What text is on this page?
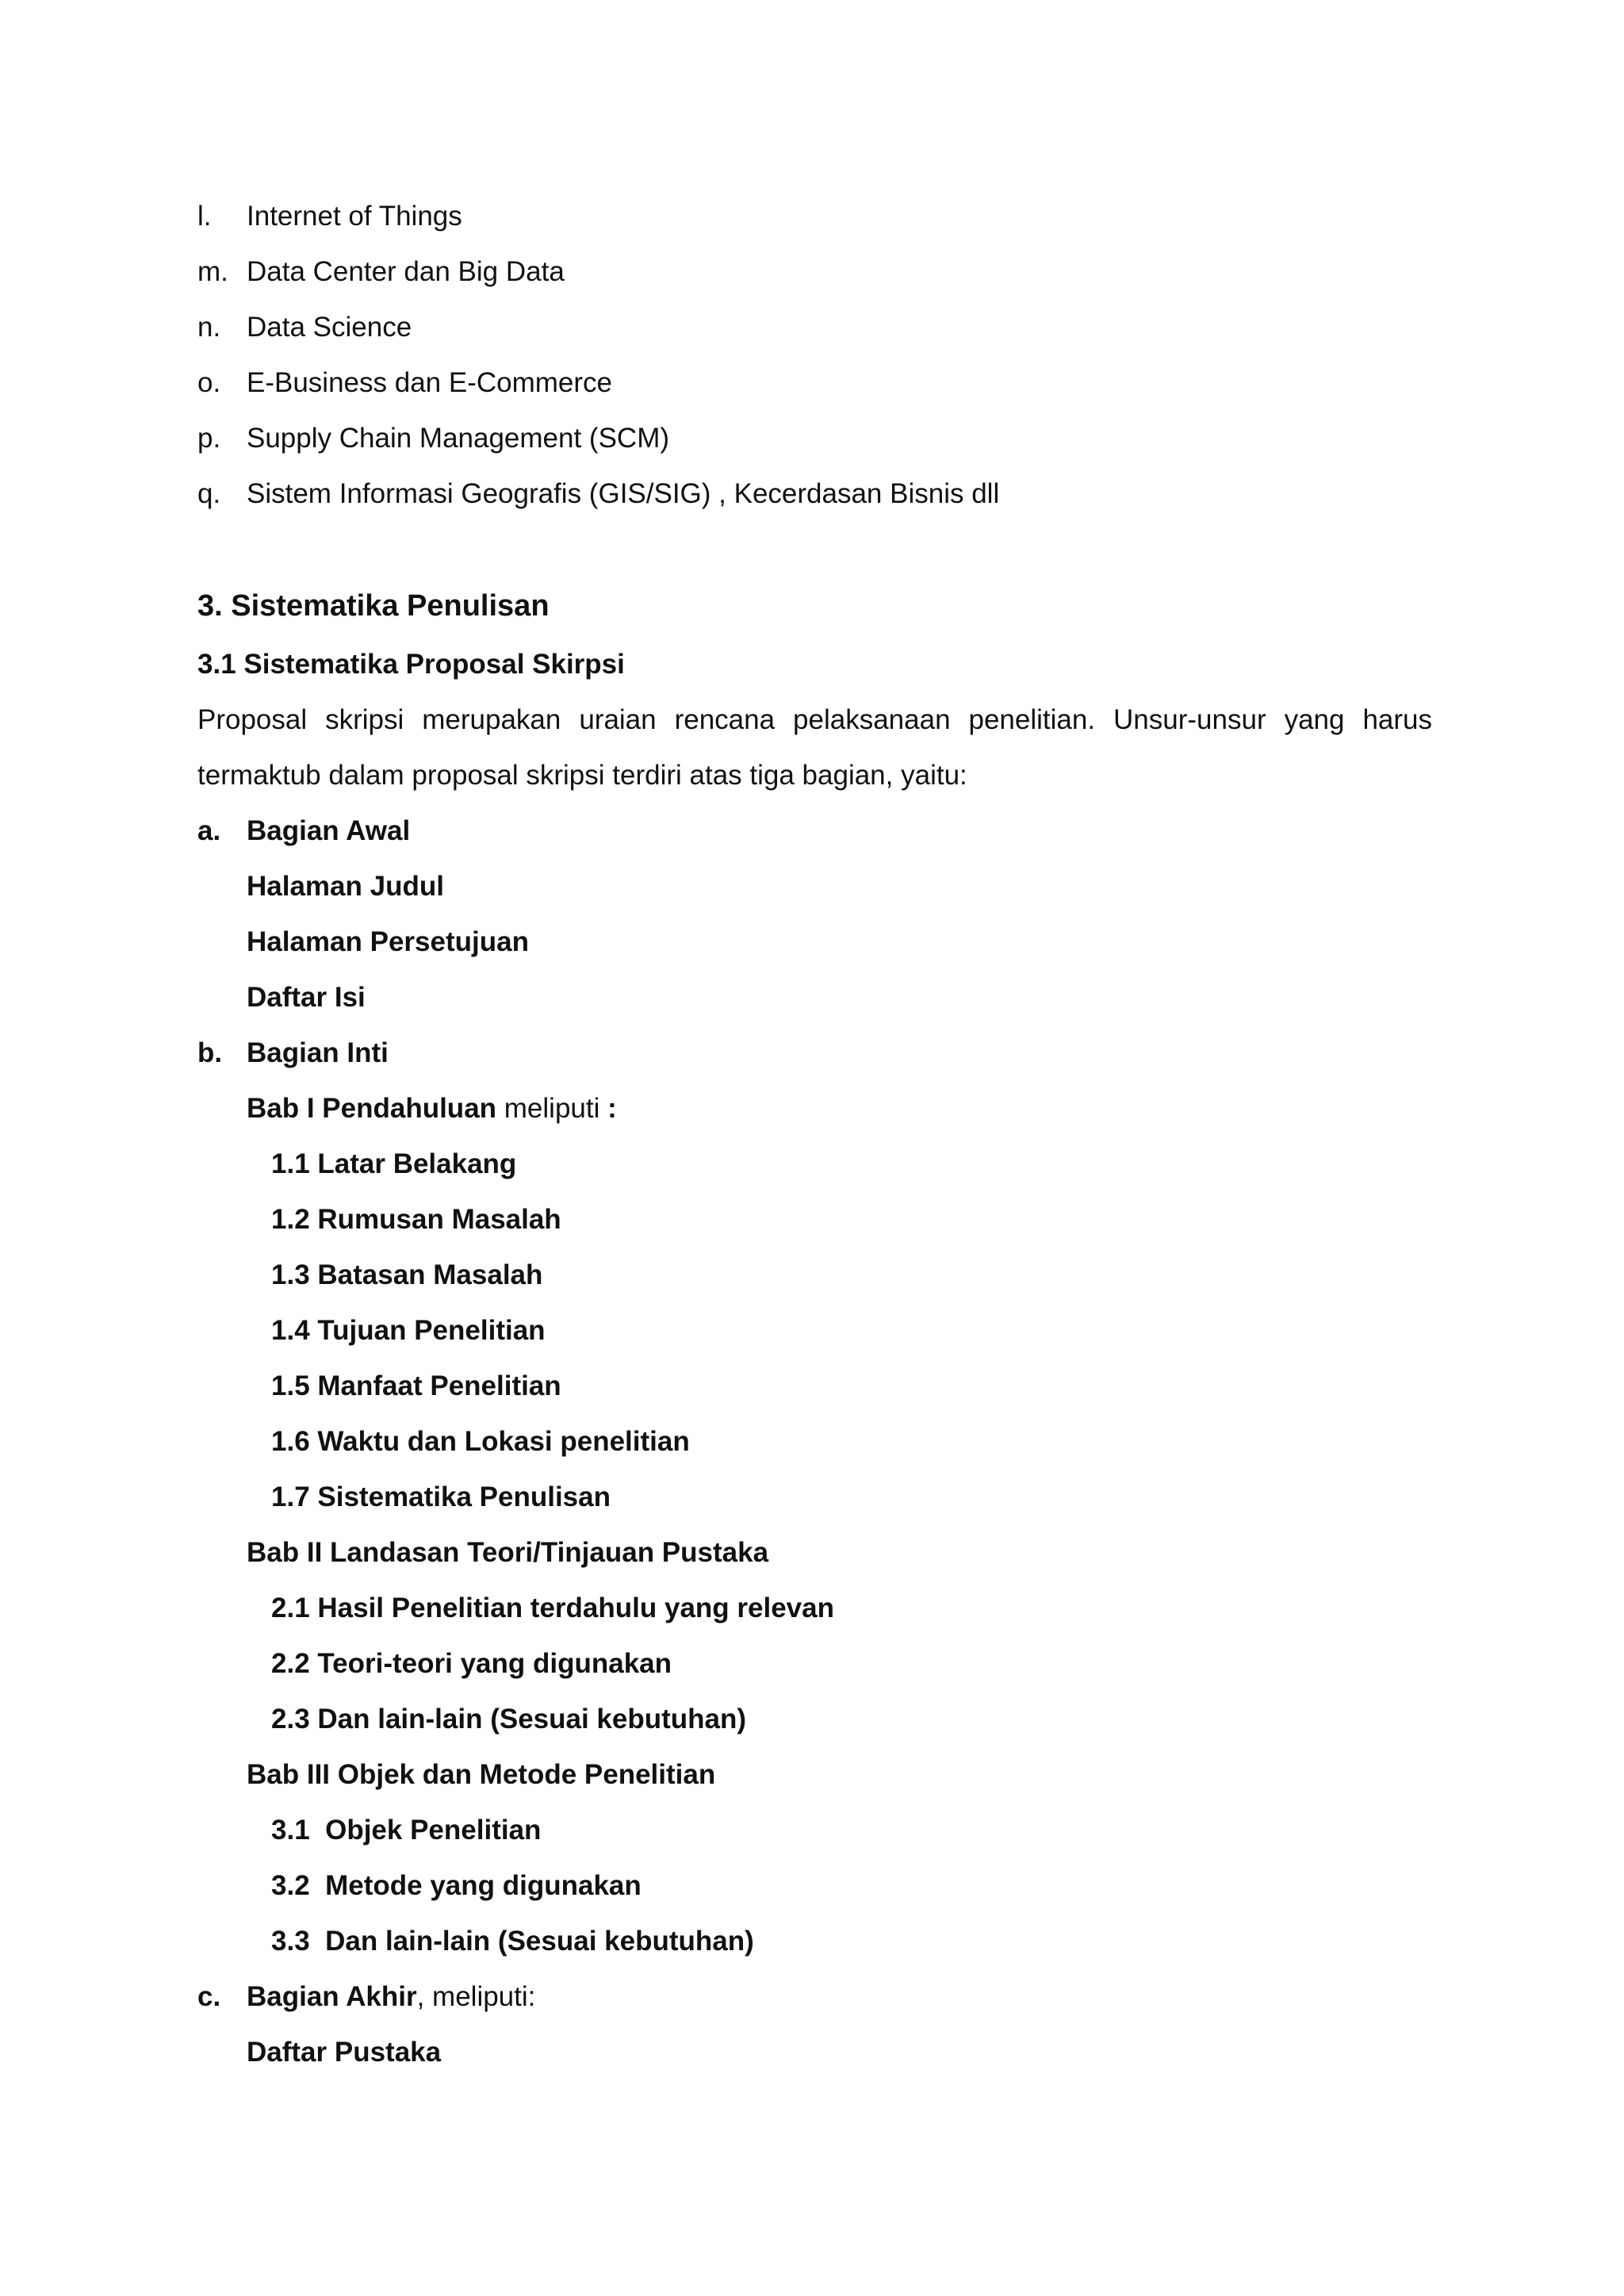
l. Internet of Things
m. Data Center dan Big Data
n. Data Science
o. E-Business dan E-Commerce
p. Supply Chain Management (SCM)
q. Sistem Informasi Geografis (GIS/SIG) , Kecerdasan Bisnis dll
3. Sistematika Penulisan
3.1 Sistematika Proposal Skirpsi
Proposal skripsi merupakan uraian rencana pelaksanaan penelitian. Unsur-unsur yang harus
termaktub dalam proposal skripsi terdiri atas tiga bagian, yaitu:
a. Bagian Awal
Halaman Judul
Halaman Persetujuan
Daftar Isi
b. Bagian Inti
Bab I Pendahuluan meliputi :
1.1 Latar Belakang
1.2 Rumusan Masalah
1.3 Batasan Masalah
1.4 Tujuan Penelitian
1.5 Manfaat Penelitian
1.6 Waktu dan Lokasi penelitian
1.7 Sistematika Penulisan
Bab II Landasan Teori/Tinjauan Pustaka
2.1 Hasil Penelitian terdahulu yang relevan
2.2 Teori-teori yang digunakan
2.3 Dan lain-lain (Sesuai kebutuhan)
Bab III Objek dan Metode Penelitian
3.1  Objek Penelitian
3.2  Metode yang digunakan
3.3  Dan lain-lain (Sesuai kebutuhan)
c. Bagian Akhir, meliputi:
Daftar Pustaka
